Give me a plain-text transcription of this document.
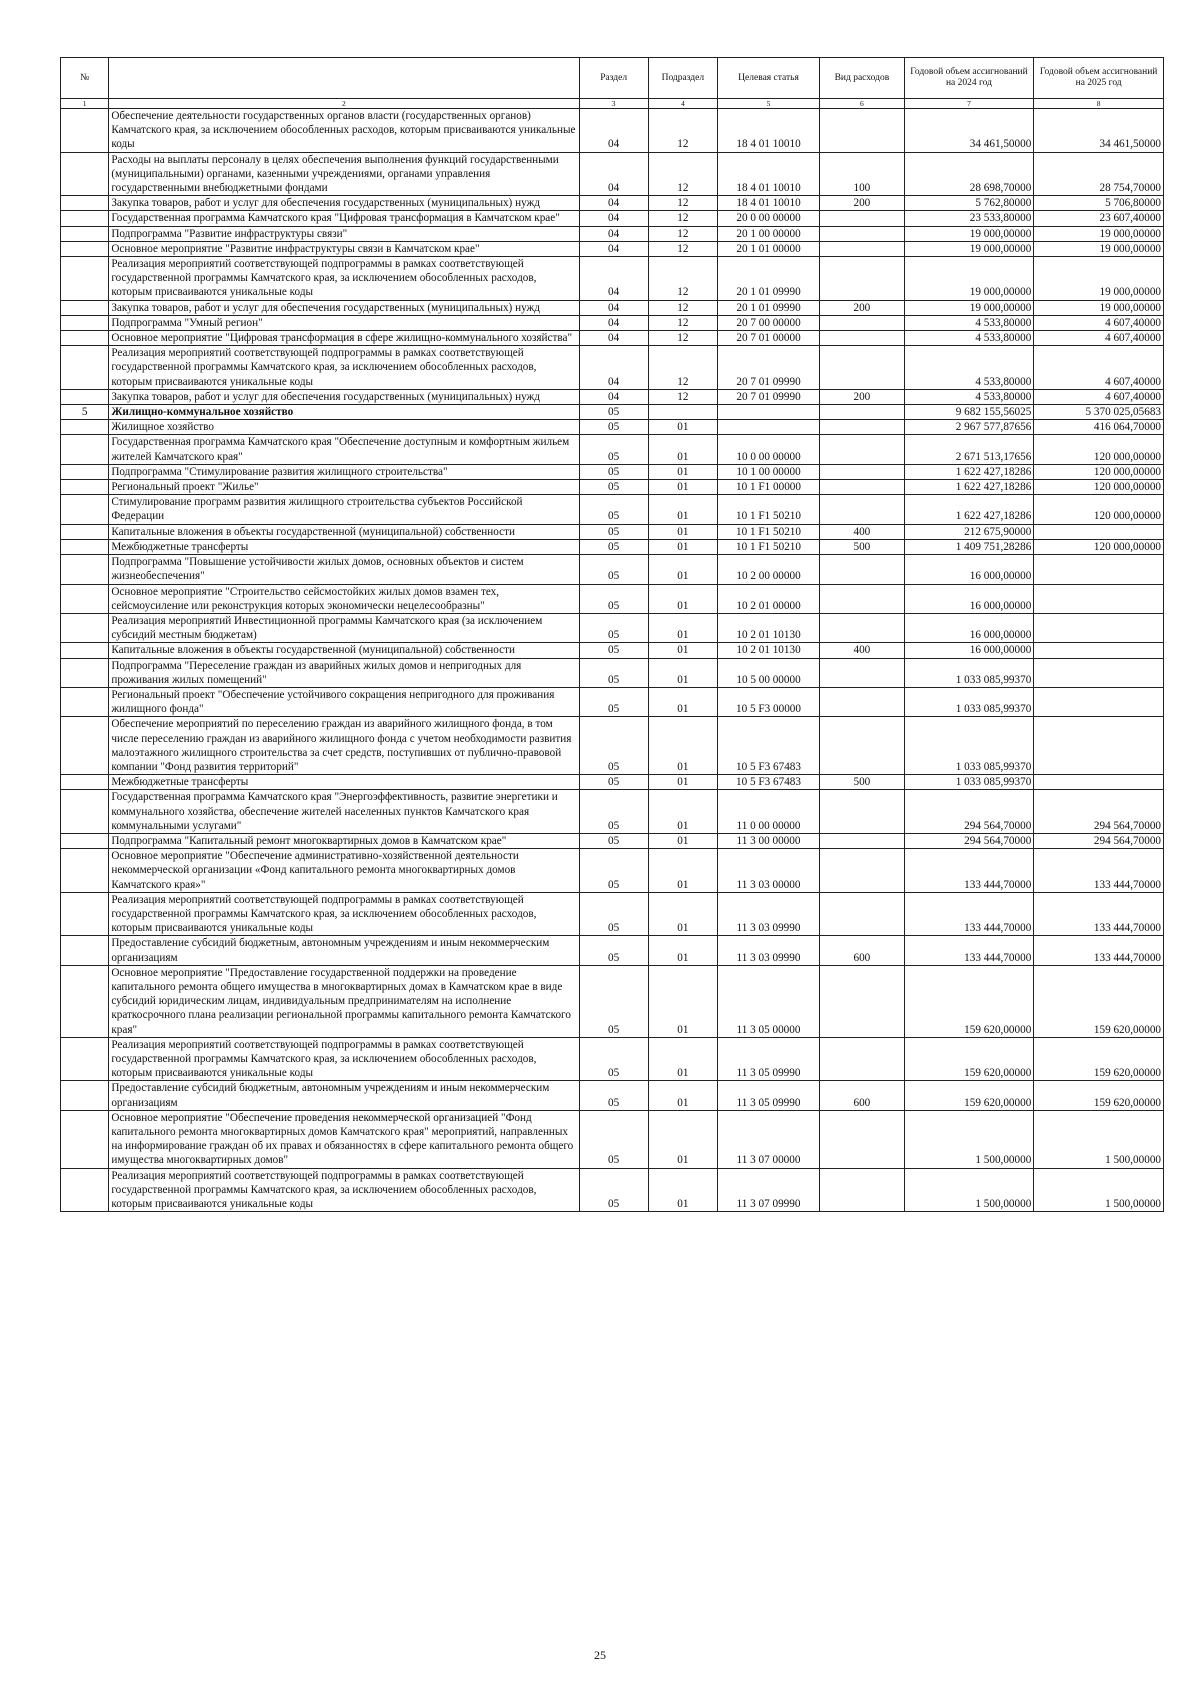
№		Раздел	Подраздел	Целевая статья	Вид расходов	Годовой объем ассигнований на 2024 год	Годовой объем ассигнований на 2025 год
1	2	3	4	5	6	7	8
	Обеспечение деятельности государственных органов власти (государственных органов) Камчатского края, за исключением обособленных расходов, которым присваиваются уникальные коды	04	12	18 4 01 10010		34 461,50000	34 461,50000
	Расходы на выплаты персоналу в целях обеспечения выполнения функций государственными (муниципальными) органами, казенными учреждениями, органами управления государственными внебюджетными фондами	04	12	18 4 01 10010	100	28 698,70000	28 754,70000
	Закупка товаров, работ и услуг для обеспечения государственных (муниципальных) нужд	04	12	18 4 01 10010	200	5 762,80000	5 706,80000
	Государственная программа Камчатского края "Цифровая трансформация в Камчатском крае"	04	12	20 0 00 00000		23 533,80000	23 607,40000
	Подпрограмма "Развитие инфраструктуры связи"	04	12	20 1 00 00000		19 000,00000	19 000,00000
	Основное мероприятие "Развитие инфраструктуры связи в Камчатском крае"	04	12	20 1 01 00000		19 000,00000	19 000,00000
	Реализация мероприятий соответствующей подпрограммы в рамках соответствующей государственной программы Камчатского края, за исключением обособленных расходов, которым присваиваются уникальные коды	04	12	20 1 01 09990		19 000,00000	19 000,00000
	Закупка товаров, работ и услуг для обеспечения государственных (муниципальных) нужд	04	12	20 1 01 09990	200	19 000,00000	19 000,00000
	Подпрограмма "Умный регион"	04	12	20 7 00 00000		4 533,80000	4 607,40000
	Основное мероприятие "Цифровая трансформация в сфере жилищно-коммунального хозяйства"	04	12	20 7 01 00000		4 533,80000	4 607,40000
	Реализация мероприятий соответствующей подпрограммы в рамках соответствующей государственной программы Камчатского края, за исключением обособленных расходов, которым присваиваются уникальные коды	04	12	20 7 01 09990		4 533,80000	4 607,40000
	Закупка товаров, работ и услуг для обеспечения государственных (муниципальных) нужд	04	12	20 7 01 09990	200	4 533,80000	4 607,40000
5	Жилищно-коммунальное хозяйство	05				9 682 155,56025	5 370 025,05683
	Жилищное хозяйство	05	01			2 967 577,87656	416 064,70000
	Государственная программа Камчатского края "Обеспечение доступным и комфортным жильем жителей Камчатского края"	05	01	10 0 00 00000		2 671 513,17656	120 000,00000
	Подпрограмма "Стимулирование развития жилищного строительства"	05	01	10 1 00 00000		1 622 427,18286	120 000,00000
	Региональный проект "Жилье"	05	01	10 1 F1 00000		1 622 427,18286	120 000,00000
	Стимулирование программ развития жилищного строительства субъектов Российской Федерации	05	01	10 1 F1 50210		1 622 427,18286	120 000,00000
	Капитальные вложения в объекты государственной (муниципальной) собственности	05	01	10 1 F1 50210	400	212 675,90000	
	Межбюджетные трансферты	05	01	10 1 F1 50210	500	1 409 751,28286	120 000,00000
	Подпрограмма "Повышение устойчивости жилых домов, основных объектов и систем жизнеобеспечения"	05	01	10 2 00 00000		16 000,00000	
	Основное мероприятие "Строительство сейсмостойких жилых домов взамен тех, сейсмоусиление или реконструкция которых экономически нецелесообразны"	05	01	10 2 01 00000		16 000,00000	
	Реализация мероприятий Инвестиционной программы Камчатского края (за исключением субсидий местным бюджетам)	05	01	10 2 01 10130		16 000,00000	
	Капитальные вложения в объекты государственной (муниципальной) собственности	05	01	10 2 01 10130	400	16 000,00000	
	Подпрограмма "Переселение граждан из аварийных жилых домов и непригодных для проживания жилых помещений"	05	01	10 5 00 00000		1 033 085,99370	
	Региональный проект "Обеспечение устойчивого сокращения непригодного для проживания жилищного фонда"	05	01	10 5 F3 00000		1 033 085,99370	
	Обеспечение мероприятий по переселению граждан из аварийного жилищного фонда, в том числе переселению граждан из аварийного жилищного фонда с учетом необходимости развития малоэтажного жилищного строительства за счет средств, поступивших от публично-правовой компании "Фонд развития территорий"	05	01	10 5 F3 67483		1 033 085,99370	
	Межбюджетные трансферты	05	01	10 5 F3 67483	500	1 033 085,99370	
	Государственная программа Камчатского края "Энергоэффективность, развитие энергетики и коммунального хозяйства, обеспечение жителей населенных пунктов Камчатского края коммунальными услугами"	05	01	11 0 00 00000		294 564,70000	294 564,70000
	Подпрограмма "Капитальный ремонт многоквартирных домов в Камчатском крае"	05	01	11 3 00 00000		294 564,70000	294 564,70000
	Основное мероприятие "Обеспечение административно-хозяйственной деятельности некоммерческой организации «Фонд капитального ремонта многоквартирных домов Камчатского края»"	05	01	11 3 03 00000		133 444,70000	133 444,70000
	Реализация мероприятий соответствующей подпрограммы в рамках соответствующей государственной программы Камчатского края, за исключением обособленных расходов, которым присваиваются уникальные коды	05	01	11 3 03 09990		133 444,70000	133 444,70000
	Предоставление субсидий бюджетным, автономным учреждениям и иным некоммерческим организациям	05	01	11 3 03 09990	600	133 444,70000	133 444,70000
	Основное мероприятие "Предоставление государственной поддержки на проведение капитального ремонта общего имущества в многоквартирных домах в Камчатском крае в виде субсидий юридическим лицам, индивидуальным предпринимателям на исполнение краткосрочного плана реализации региональной программы капитального ремонта Камчатского края"	05	01	11 3 05 00000		159 620,00000	159 620,00000
	Реализация мероприятий соответствующей подпрограммы в рамках соответствующей государственной программы Камчатского края, за исключением обособленных расходов, которым присваиваются уникальные коды	05	01	11 3 05 09990		159 620,00000	159 620,00000
	Предоставление субсидий бюджетным, автономным учреждениям и иным некоммерческим организациям	05	01	11 3 05 09990	600	159 620,00000	159 620,00000
	Основное мероприятие "Обеспечение проведения некоммерческой организацией "Фонд капитального ремонта многоквартирных домов Камчатского края" мероприятий, направленных на информирование граждан об их правах и обязанностях в сфере капитального ремонта общего имущества многоквартирных домов"	05	01	11 3 07 00000		1 500,00000	1 500,00000
	Реализация мероприятий соответствующей подпрограммы в рамках соответствующей государственной программы Камчатского края, за исключением обособленных расходов, которым присваиваются уникальные коды	05	01	11 3 07 09990		1 500,00000	1 500,00000
25
